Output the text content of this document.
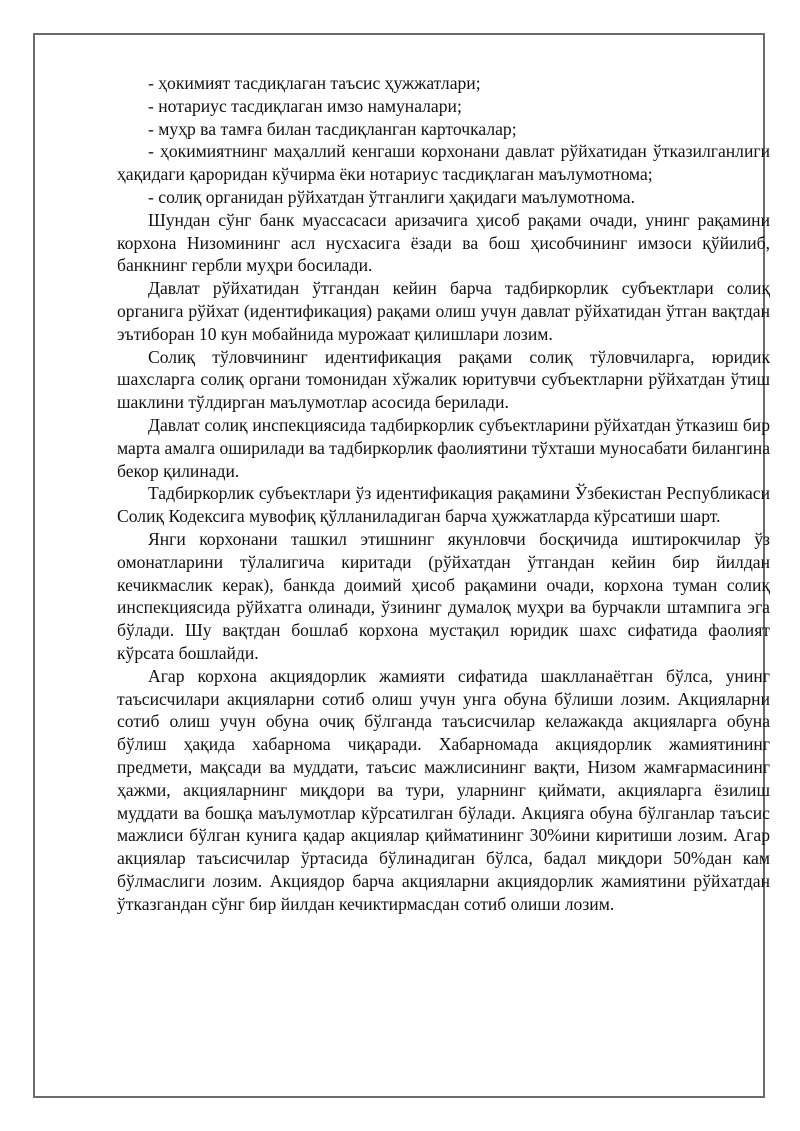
- ҳокимият тасдиқлаган таъсис ҳужжатлари;

- нотариус тасдиқлаган имзо намуналари;

- муҳр ва тамға билан тасдиқланган карточкалар;

- ҳокимиятнинг маҳаллий кенгаши корхонани давлат рўйхатидан ўтказилганлиги ҳақидаги қароридан кўчирма ёки нотариус тасдиқлаган маълумотнома;

- солиқ органидан рўйхатдан ўтганлиги ҳақидаги маълумотнома.

Шундан сўнг банк муассасаси аризачига ҳисоб рақами очади, унинг рақамини корхона Низомининг асл нусхасига ёзади ва бош ҳисобчининг имзоси қўйилиб, банкнинг гербли муҳри босилади.

Давлат рўйхатидан ўтгандан кейин барча тадбиркорлик субъектлари солиқ органига рўйхат (идентификация) рақами олиш учун давлат рўйхатидан ўтган вақтдан эътиборан 10 кун мобайнида мурожаат қилишлари лозим.

Солиқ тўловчининг идентификация рақами солиқ тўловчиларга, юридик шахсларга солиқ органи томонидан хўжалик юритувчи субъектларни рўйхатдан ўтиш шаклини тўлдирган маълумотлар асосида берилади.

Давлат солиқ инспекциясида тадбиркорлик субъектларини рўйхатдан ўтказиш бир марта амалга оширилади ва тадбиркорлик фаолиятини тўхташи муносабати билангина бекор қилинади.

Тадбиркорлик субъектлари ўз идентификация рақамини Ўзбекистан Республикаси Солиқ Кодексига мувофиқ қўлланиладиган барча ҳужжатларда кўрсатиши шарт.

Янги корхонани ташкил этишнинг якунловчи босқичида иштирокчилар ўз омонатларини тўлалигича киритади (рўйхатдан ўтгандан кейин бир йилдан кечикмаслик керак), банкда доимий ҳисоб рақамини очади, корхона туман солиқ инспекциясида рўйхатга олинади, ўзининг думалоқ муҳри ва бурчакли штампига эга бўлади. Шу вақтдан бошлаб корхона мустақил юридик шахс сифатида фаолият кўрсата бошлайди.

Агар корхона акциядорлик жамияти сифатида шаклланаётган бўлса, унинг таъсисчилари акцияларни сотиб олиш учун унга обуна бўлиши лозим. Акцияларни сотиб олиш учун обуна очиқ бўлганда таъсисчилар келажакда акцияларга обуна бўлиш ҳақида хабарнома чиқаради. Хабарномада акциядорлик жамиятининг предмети, мақсади ва муддати, таъсис мажлисининг вақти, Низом жамғармасининг ҳажми, акцияларнинг миқдори ва тури, уларнинг қиймати, акцияларга ёзилиш муддати ва бошқа маълумотлар кўрсатилган бўлади. Акцияга обуна бўлганлар таъсис мажлиси бўлган кунига қадар акциялар қийматининг 30%ини киритиши лозим. Агар акциялар таъсисчилар ўртасида бўлинадиган бўлса, бадал миқдори 50%дан кам бўлмаслиги лозим. Акциядор барча акцияларни акциядорлик жамиятини рўйхатдан ўтказгандан сўнг бир йилдан кечиктирмасдан сотиб олиши лозим.
